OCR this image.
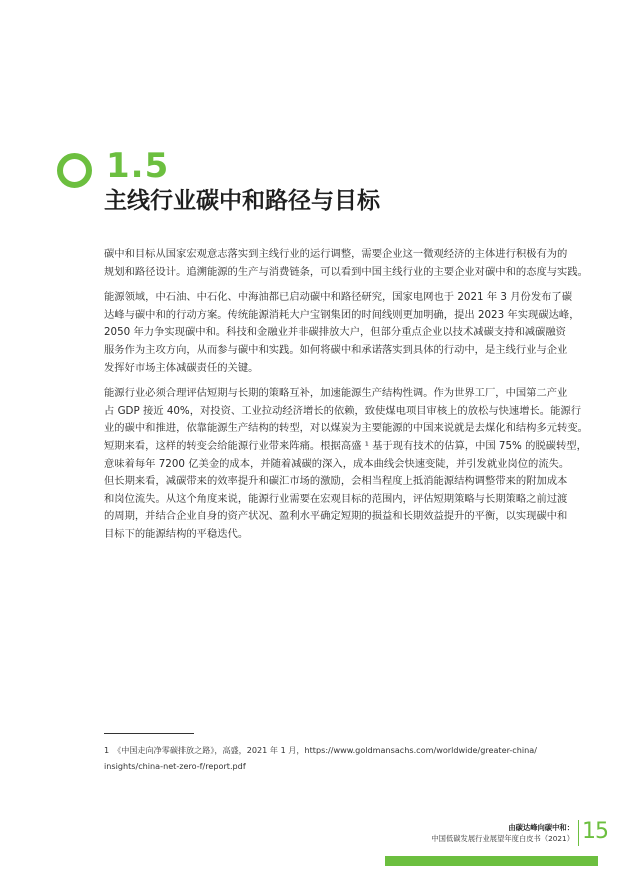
1.5
主线行业碳中和路径与目标

碳中和目标从国家宏观意志落实到主线行业的运行调整，需要企业这一微观经济的主体进行积极有为的
规划和路径设计。追溯能源的生产与消费链条，可以看到中国主线行业的主要企业对碳中和的态度与实践。

能源领域，中石油、中石化、中海油都已启动碳中和路径研究，国家电网也于 2021 年 3 月份发布了碳
达峰与碳中和的行动方案。传统能源消耗大户宝钢集团的时间线则更加明确，提出 2023 年实现碳达峰，
2050 年力争实现碳中和。科技和金融业并非碳排放大户，但部分重点企业以技术减碳支持和减碳融资
服务作为主攻方向，从而参与碳中和实践。如何将碳中和承诺落实到具体的行动中，是主线行业与企业
发挥好市场主体减碳责任的关键。

能源行业必须合理评估短期与长期的策略互补，加速能源生产结构性调。作为世界工厂，中国第二产业
占 GDP 接近 40%，对投资、工业拉动经济增长的依赖，致使煤电项目审核上的放松与快速增长。能源行
业的碳中和推进，依靠能源生产结构的转型，对以煤炭为主要能源的中国来说就是去煤化和结构多元转变。
短期来看，这样的转变会给能源行业带来阵痛。根据高盛 ¹ 基于现有技术的估算，中国 75% 的脱碳转型，
意味着每年 7200 亿美金的成本，并随着减碳的深入，成本曲线会快速变陡，并引发就业岗位的流失。
但长期来看，减碳带来的效率提升和碳汇市场的激励，会相当程度上抵消能源结构调整带来的附加成本
和岗位流失。从这个角度来说，能源行业需要在宏观目标的范围内，评估短期策略与长期策略之前过渡
的周期，并结合企业自身的资产状况、盈利水平确定短期的损益和长期效益提升的平衡，以实现碳中和
目标下的能源结构的平稳迭代。

1　《中国走向净零碳排放之路》，高盛，2021 年 1 月，https://www.goldmansachs.com/worldwide/greater-china/
insights/china-net-zero-f/report.pdf
由碳达峰向碳中和：
中国低碳发展行业展望年度白皮书（2021） 15
